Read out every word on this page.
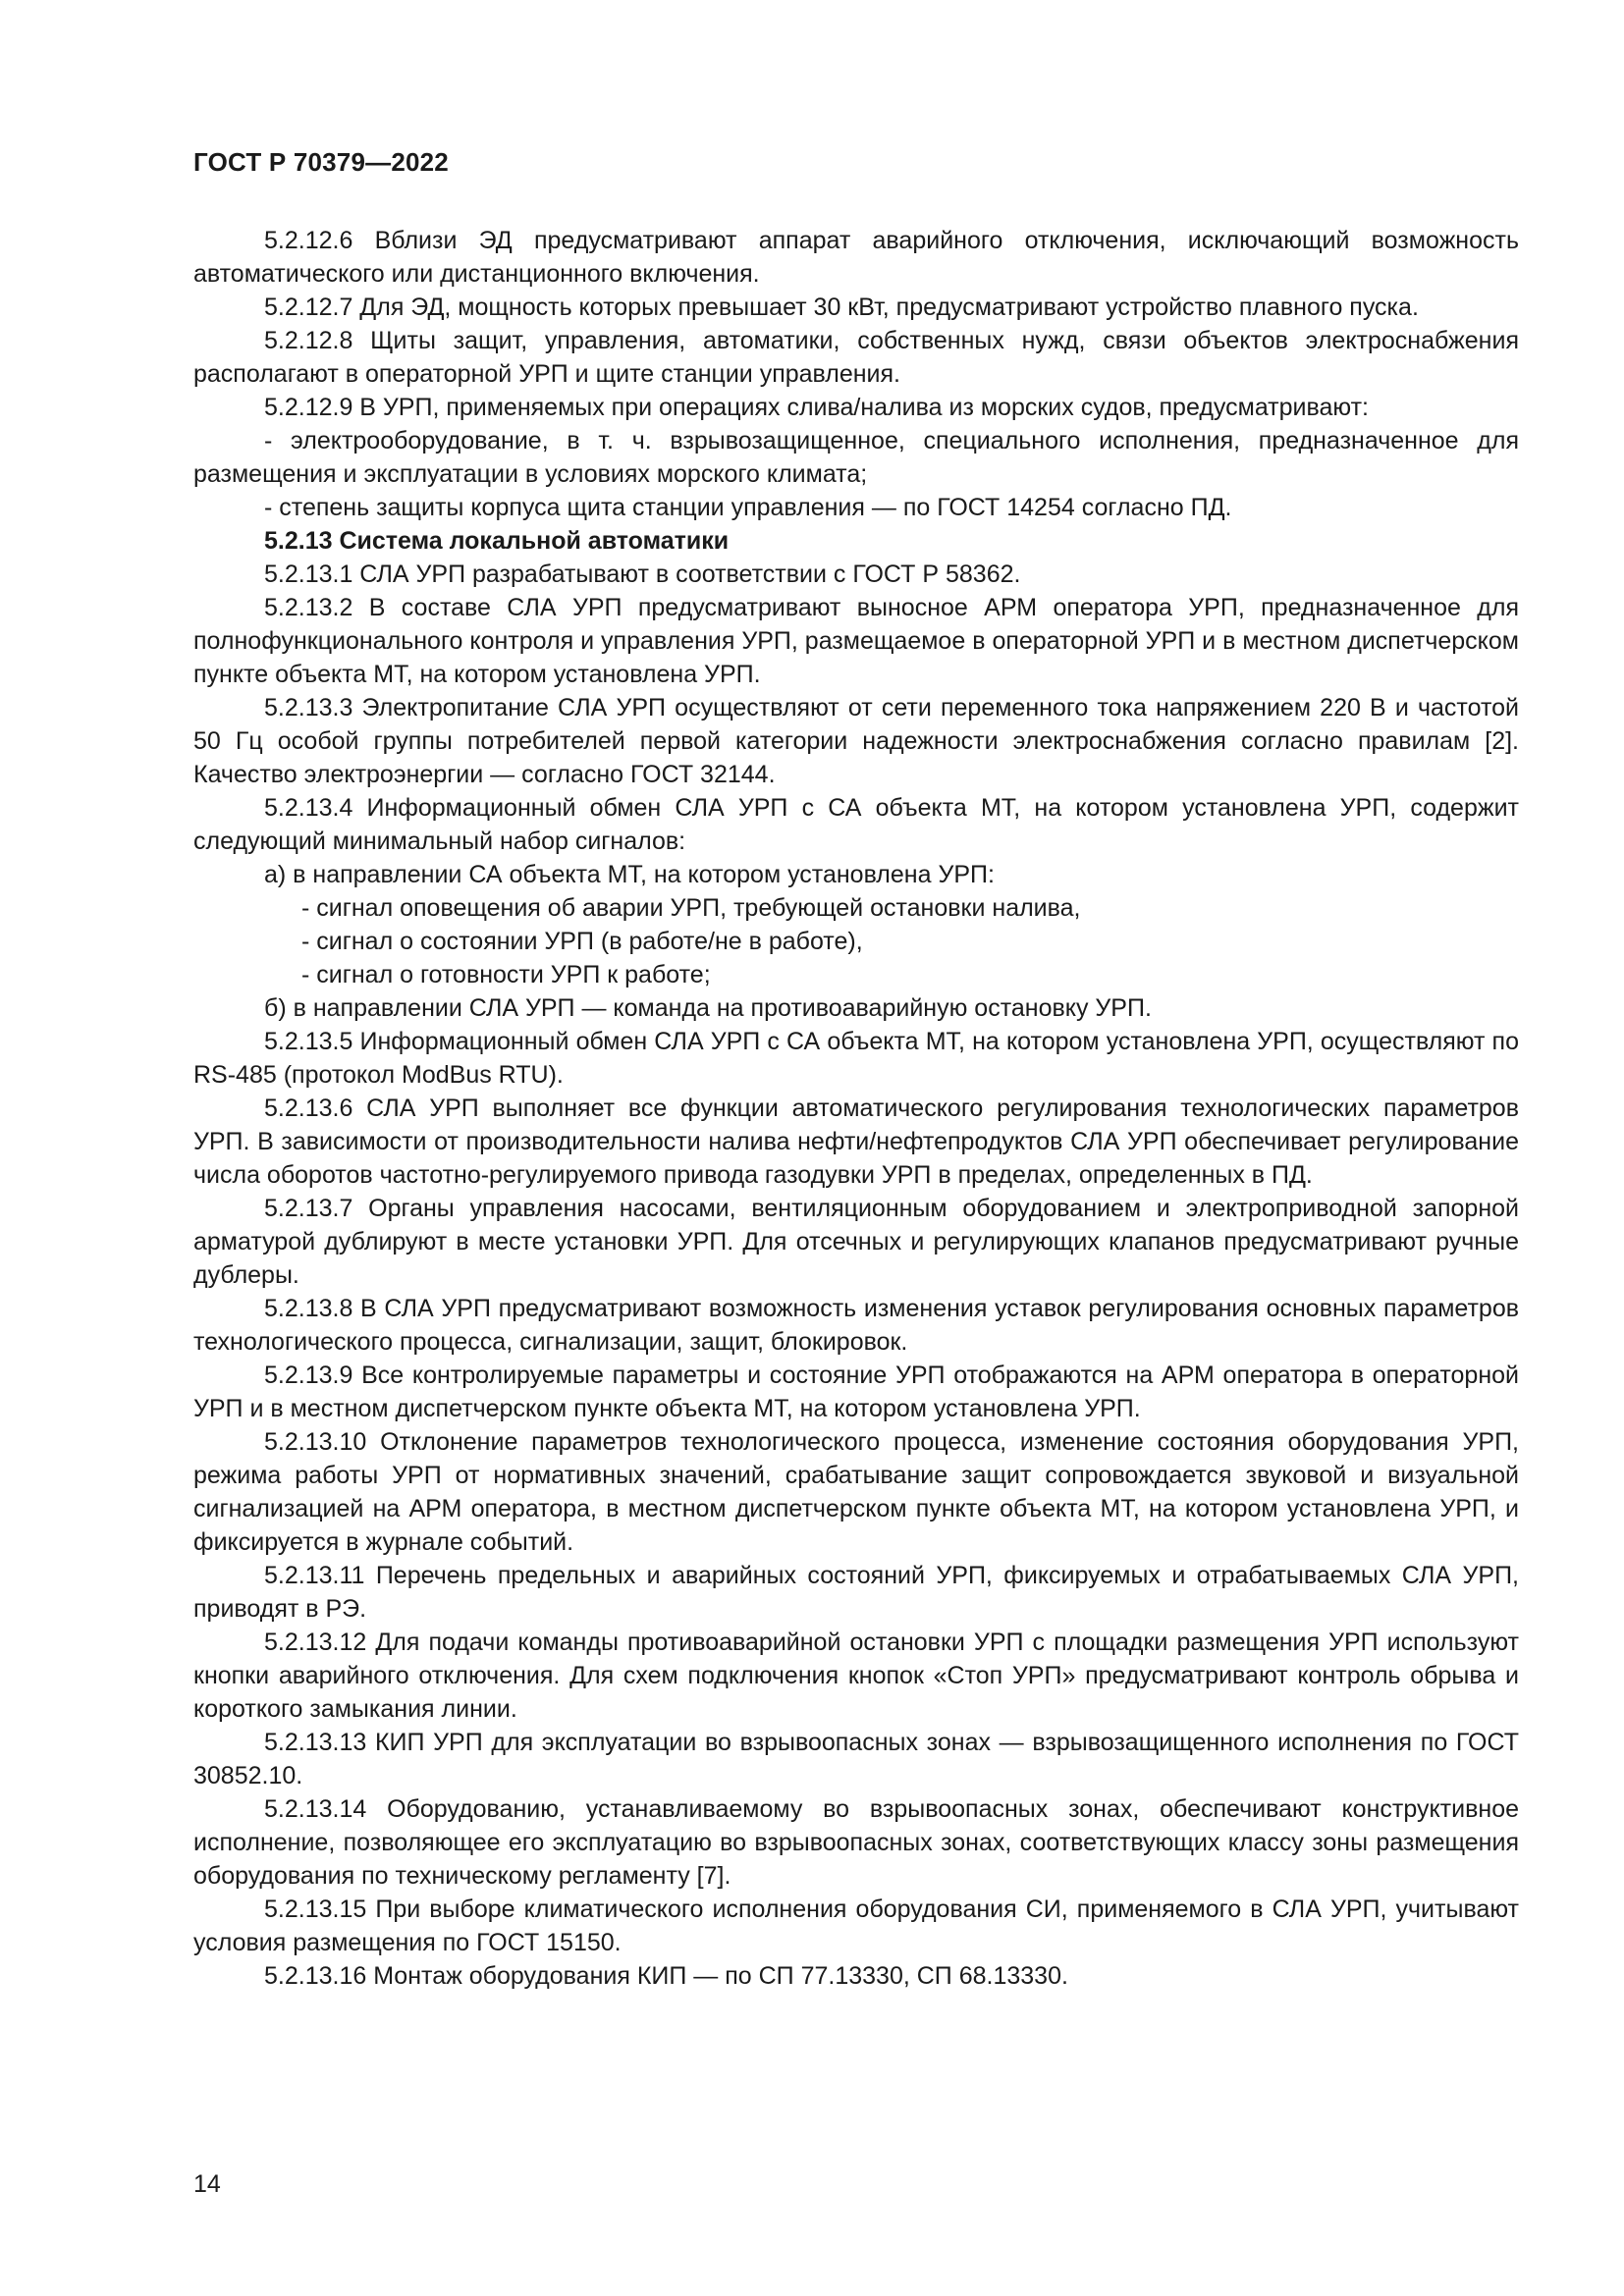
ГОСТ Р 70379—2022

5.2.12.6 Вблизи ЭД предусматривают аппарат аварийного отключения, исключающий возможность автоматического или дистанционного включения.

5.2.12.7 Для ЭД, мощность которых превышает 30 кВт, предусматривают устройство плавного пуска.

5.2.12.8 Щиты защит, управления, автоматики, собственных нужд, связи объектов электроснабжения располагают в операторной УРП и щите станции управления.

5.2.12.9 В УРП, применяемых при операциях слива/налива из морских судов, предусматривают:

- электрооборудование, в т. ч. взрывозащищенное, специального исполнения, предназначенное для размещения и эксплуатации в условиях морского климата;

- степень защиты корпуса щита станции управления — по ГОСТ 14254 согласно ПД.

5.2.13 Система локальной автоматики

5.2.13.1 СЛА УРП разрабатывают в соответствии с ГОСТ Р 58362.

5.2.13.2 В составе СЛА УРП предусматривают выносное АРМ оператора УРП, предназначенное для полнофункционального контроля и управления УРП, размещаемое в операторной УРП и в местном диспетчерском пункте объекта МТ, на котором установлена УРП.

5.2.13.3 Электропитание СЛА УРП осуществляют от сети переменного тока напряжением 220 В и частотой 50 Гц особой группы потребителей первой категории надежности электроснабжения согласно правилам [2]. Качество электроэнергии — согласно ГОСТ 32144.

5.2.13.4 Информационный обмен СЛА УРП с СА объекта МТ, на котором установлена УРП, содержит следующий минимальный набор сигналов:

а) в направлении СА объекта МТ, на котором установлена УРП:

- сигнал оповещения об аварии УРП, требующей остановки налива,

- сигнал о состоянии УРП (в работе/не в работе),

- сигнал о готовности УРП к работе;

б) в направлении СЛА УРП — команда на противоаварийную остановку УРП.

5.2.13.5 Информационный обмен СЛА УРП с СА объекта МТ, на котором установлена УРП, осуществляют по RS-485 (протокол ModBus RTU).

5.2.13.6 СЛА УРП выполняет все функции автоматического регулирования технологических параметров УРП. В зависимости от производительности налива нефти/нефтепродуктов СЛА УРП обеспечивает регулирование числа оборотов частотно-регулируемого привода газодувки УРП в пределах, определенных в ПД.

5.2.13.7 Органы управления насосами, вентиляционным оборудованием и электроприводной запорной арматурой дублируют в месте установки УРП. Для отсечных и регулирующих клапанов предусматривают ручные дублеры.

5.2.13.8 В СЛА УРП предусматривают возможность изменения уставок регулирования основных параметров технологического процесса, сигнализации, защит, блокировок.

5.2.13.9 Все контролируемые параметры и состояние УРП отображаются на АРМ оператора в операторной УРП и в местном диспетчерском пункте объекта МТ, на котором установлена УРП.

5.2.13.10 Отклонение параметров технологического процесса, изменение состояния оборудования УРП, режима работы УРП от нормативных значений, срабатывание защит сопровождается звуковой и визуальной сигнализацией на АРМ оператора, в местном диспетчерском пункте объекта МТ, на котором установлена УРП, и фиксируется в журнале событий.

5.2.13.11 Перечень предельных и аварийных состояний УРП, фиксируемых и отрабатываемых СЛА УРП, приводят в РЭ.

5.2.13.12 Для подачи команды противоаварийной остановки УРП с площадки размещения УРП используют кнопки аварийного отключения. Для схем подключения кнопок «Стоп УРП» предусматривают контроль обрыва и короткого замыкания линии.

5.2.13.13 КИП УРП для эксплуатации во взрывоопасных зонах — взрывозащищенного исполнения по ГОСТ 30852.10.

5.2.13.14 Оборудованию, устанавливаемому во взрывоопасных зонах, обеспечивают конструктивное исполнение, позволяющее его эксплуатацию во взрывоопасных зонах, соответствующих классу зоны размещения оборудования по техническому регламенту [7].

5.2.13.15 При выборе климатического исполнения оборудования СИ, применяемого в СЛА УРП, учитывают условия размещения по ГОСТ 15150.

5.2.13.16 Монтаж оборудования КИП — по СП 77.13330, СП 68.13330.

14
